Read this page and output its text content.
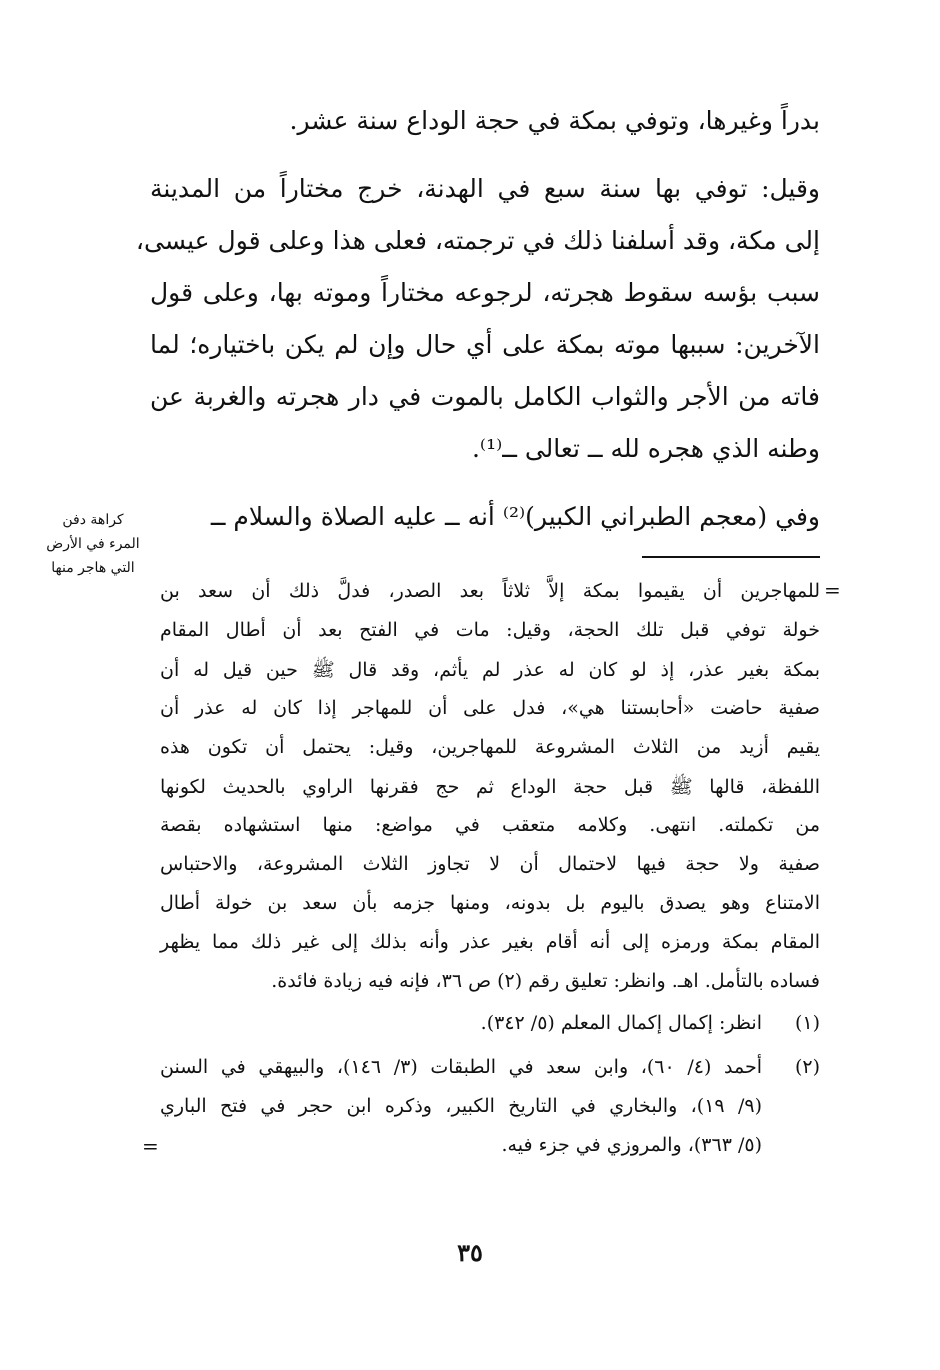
بدراً وغيرها، وتوفي بمكة في حجة الوداع سنة عشر.
وقيل: توفي بها سنة سبع في الهدنة، خرج مختاراً من المدينة
إلى مكة، وقد أسلفنا ذلك في ترجمته، فعلى هذا وعلى قول عيسى،
سبب بؤسه سقوط هجرته، لرجوعه مختاراً وموته بها، وعلى قول
الآخرين: سببها موته بمكة على أي حال وإن لم يكن باختياره؛ لما
فاته من الأجر والثواب الكامل بالموت في دار هجرته والغربة عن
وطنه الذي هجره لله ــ تعالى ــ⁽¹⁾.
وفي (معجم الطبراني الكبير)⁽²⁾ أنه ــ عليه الصلاة والسلام ــ
كراهة دفن
المرء في الأرض
التي هاجر منها
=
للمهاجرين أن يقيموا بمكة إلاَّ ثلاثاً بعد الصدر، فدلَّ ذلك أن سعد بن
خولة توفي قبل تلك الحجة، وقيل: مات في الفتح بعد أن أطال المقام
بمكة بغير عذر، إذ لو كان له عذر لم يأثم، وقد قال ﷺ حين قيل له أن
صفية حاضت «أحابستنا هي»، فدل على أن للمهاجر إذا كان له عذر أن
يقيم أزيد من الثلاث المشروعة للمهاجرين، وقيل: يحتمل أن تكون هذه
اللفظة، قالها ﷺ قبل حجة الوداع ثم حج فقرنها الراوي بالحديث لكونها
من تكملته. انتهى. وكلامه متعقب في مواضع: منها استشهاده بقصة
صفية ولا حجة فيها لاحتمال أن لا تجاوز الثلاث المشروعة، والاحتباس
الامتناع وهو يصدق باليوم بل بدونه، ومنها جزمه بأن سعد بن خولة أطال
المقام بمكة ورمزه إلى أنه أقام بغير عذر وأنه بذلك إلى غير ذلك مما يظهر
فساده بالتأمل. اهـ. وانظر: تعليق رقم (٢) ص ٣٦، فإنه فيه زيادة فائدة.
(١)
انظر: إكمال إكمال المعلم (٥/ ٣٤٢).
(٢)
أحمد (٤/ ٦٠)، وابن سعد في الطبقات (٣/ ١٤٦)، والبيهقي في السنن
(٩/ ١٩)، والبخاري في التاريخ الكبير، وذكره ابن حجر في فتح الباري
(٥/ ٣٦٣)، والمروزي في جزء فيه.
=
٣٥
